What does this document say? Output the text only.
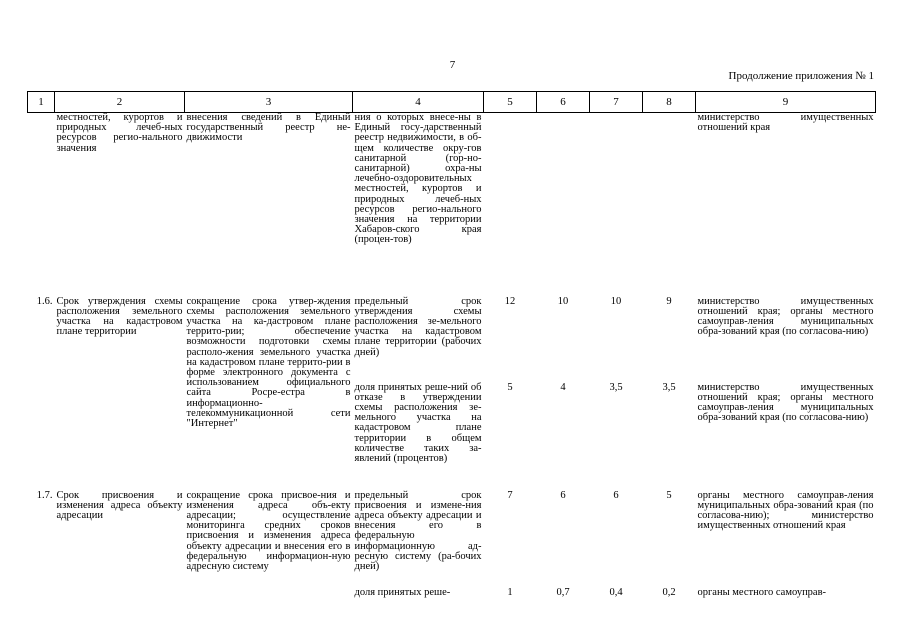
7
Продолжение приложения № 1
1	2	3	4	5	6	7	8	9
	местностей, курортов и природных лечеб-ных ресурсов регио-нального значения	внесения сведений в Единый государственный реестр не-движимости	ния о которых внесе-ны в Единый госу-дарственный реестр недвижимости, в об-щем количестве окру-гов санитарной (гор-но-санитарной) охра-ны лечебно-оздоровительных местностей, курортов и природных лечеб-ных ресурсов регио-нального значения на территории Хабаров-ского края (процен-тов)					министерство имущественных отношений края
1.6.	Срок утверждения схемы расположения земельного участка на кадастровом плане территории	сокращение срока утвер-ждения схемы расположения земельного участка на ка-дастровом плане террито-рии; обеспечение возможности подготовки схемы располо-жения земельного участка на кадастровом плане террито-рии в форме электронного документа с использованием официального сайта Росре-естра в информационно-телекоммуникационной сети "Интернет"	предельный срок утверждения схемы расположения зе-мельного участка на кадастровом плане территории (рабочих дней)	12	10	10	9	министерство имущественных отношений края; органы местного самоуправ-ления муниципальных обра-зований края (по согласова-нию)
			доля принятых реше-ний об отказе в утверждении схемы расположения зе-мельного участка на кадастровом плане территории в общем количестве таких за-явлений (процентов)	5	4	3,5	3,5	министерство имущественных отношений края; органы местного самоуправ-ления муниципальных обра-зований края (по согласова-нию)
1.7.	Срок присвоения и изменения адреса объекту адресации	сокращение срока присвое-ния и изменения адреса объ-екту адресации; осуществление мониторинга средних сроков присвоения и изменения адреса объекту адресации и внесения его в федеральную информацион-ную адресную систему	предельный срок присвоения и измене-ния адреса объекту адресации и внесения его в федеральную информационную ад-ресную систему (ра-бочих дней)	7	6	6	5	органы местного самоуправ-ления муниципальных обра-зований края (по согласова-нию); министерство имущественных отношений края
			доля принятых реше-	1	0,7	0,4	0,2	органы местного самоуправ-
